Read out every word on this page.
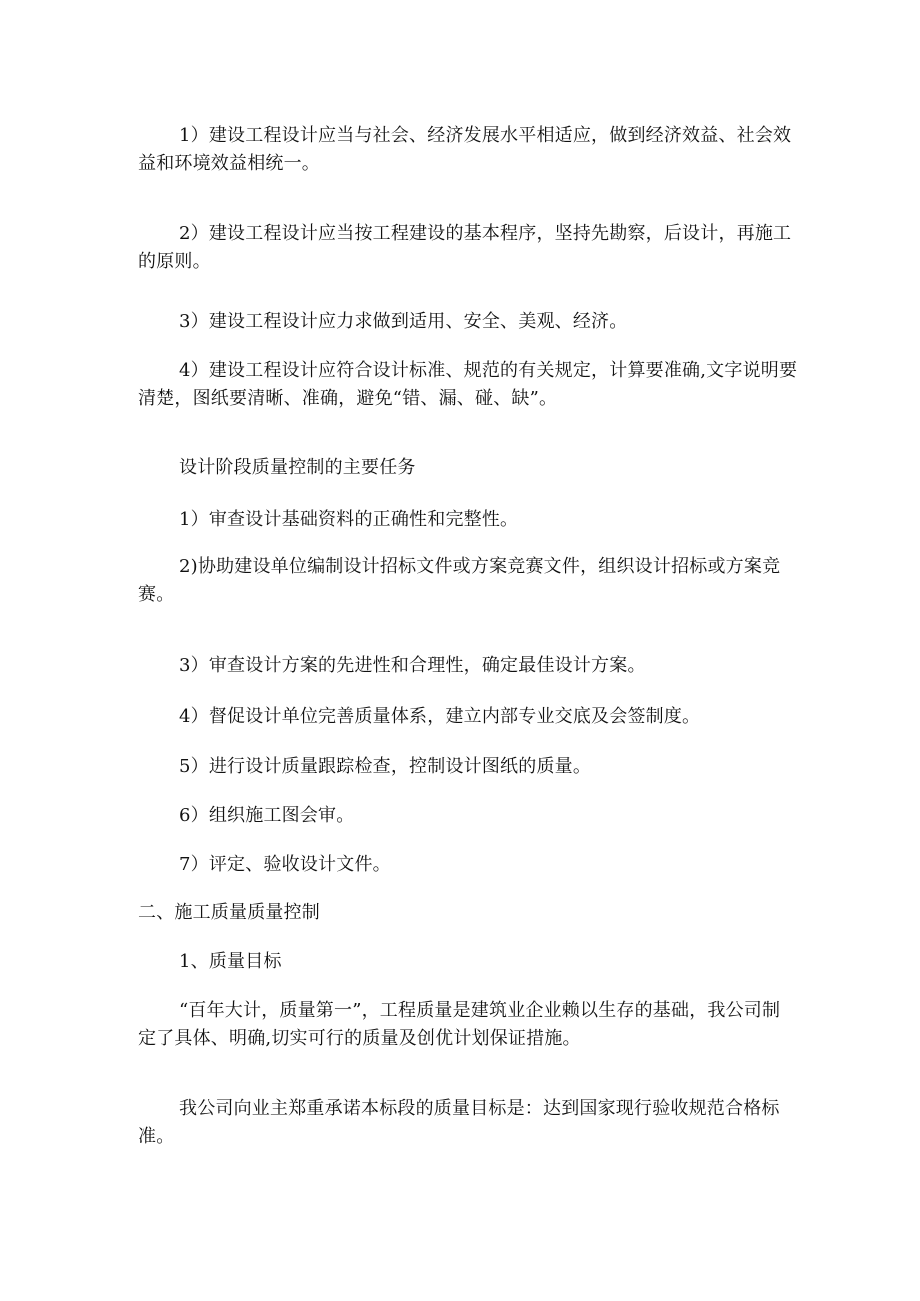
1）建设工程设计应当与社会、经济发展水平相适应，做到经济效益、社会效益和环境效益相统一。

2）建设工程设计应当按工程建设的基本程序，坚持先勘察，后设计，再施工的原则。

3）建设工程设计应力求做到适用、安全、美观、经济。

4）建设工程设计应符合设计标准、规范的有关规定，计算要准确,文字说明要清楚，图纸要清晰、准确，避免“错、漏、碰、缺”。

设计阶段质量控制的主要任务

1）审查设计基础资料的正确性和完整性。

2)协助建设单位编制设计招标文件或方案竞赛文件，组织设计招标或方案竞赛。

3）审查设计方案的先进性和合理性，确定最佳设计方案。

4）督促设计单位完善质量体系，建立内部专业交底及会签制度。

5）进行设计质量跟踪检查，控制设计图纸的质量。

6）组织施工图会审。

7）评定、验收设计文件。

二、施工质量质量控制

1、质量目标

“百年大计，质量第一”，工程质量是建筑业企业赖以生存的基础，我公司制定了具体、明确,切实可行的质量及创优计划保证措施。

我公司向业主郑重承诺本标段的质量目标是：达到国家现行验收规范合格标准。
